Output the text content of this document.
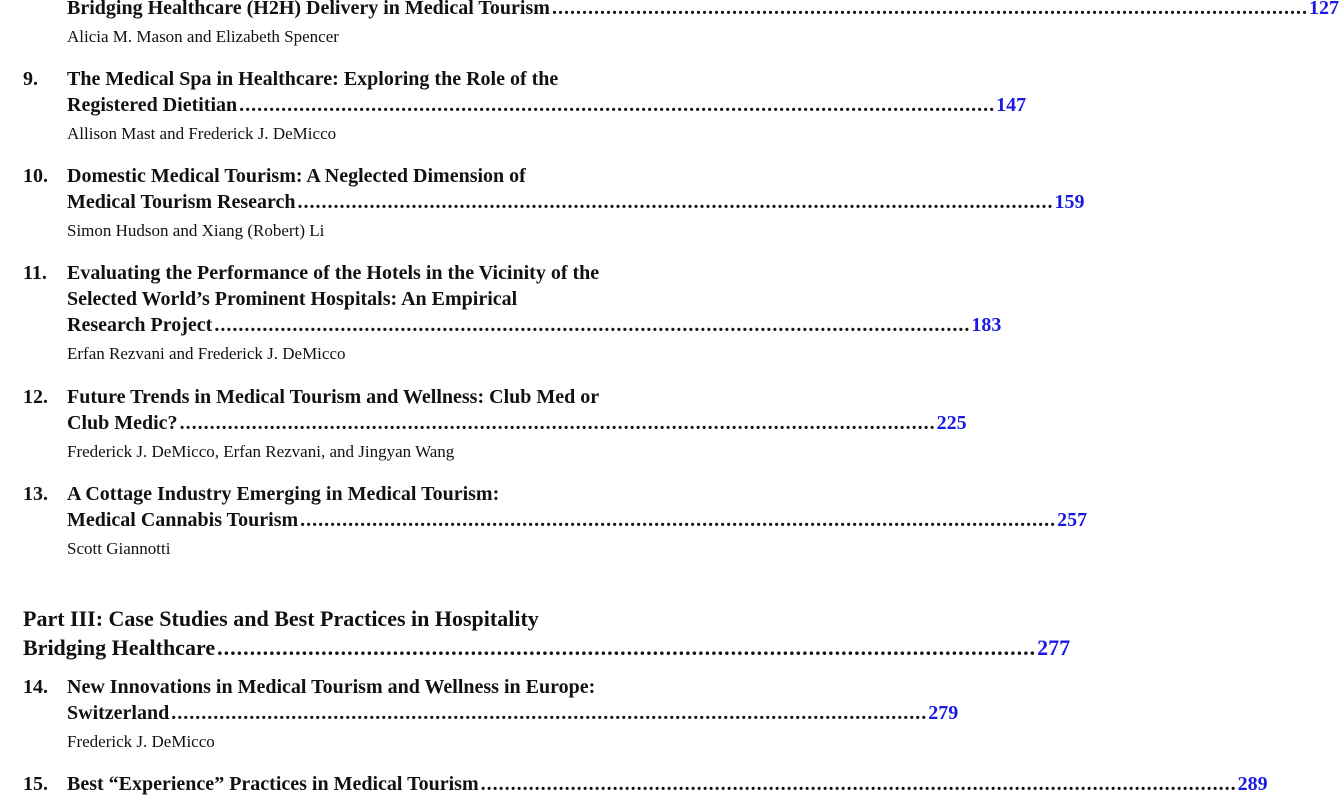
Bridging Healthcare (H2H) Delivery in Medical Tourism .............................................................................................................................. 127
Alicia M. Mason and Elizabeth Spencer
9. The Medical Spa in Healthcare: Exploring the Role of the
Registered Dietitian .............................................................................................................................. 147
Allison Mast and Frederick J. DeMicco
10. Domestic Medical Tourism: A Neglected Dimension of
Medical Tourism Research .............................................................................................................................. 159
Simon Hudson and Xiang (Robert) Li
11. Evaluating the Performance of the Hotels in the Vicinity of the
Selected World’s Prominent Hospitals: An Empirical
Research Project .............................................................................................................................. 183
Erfan Rezvani and Frederick J. DeMicco
12. Future Trends in Medical Tourism and Wellness: Club Med or
Club Medic? .............................................................................................................................. 225
Frederick J. DeMicco, Erfan Rezvani, and Jingyan Wang
13. A Cottage Industry Emerging in Medical Tourism:
Medical Cannabis Tourism .............................................................................................................................. 257
Scott Giannotti
Part III: Case Studies and Best Practices in Hospitality
Bridging Healthcare .............................................................................................................................. 277
14. New Innovations in Medical Tourism and Wellness in Europe:
Switzerland .............................................................................................................................. 279
Frederick J. DeMicco
15. Best “Experience” Practices in Medical Tourism .............................................................................................................................. 289
